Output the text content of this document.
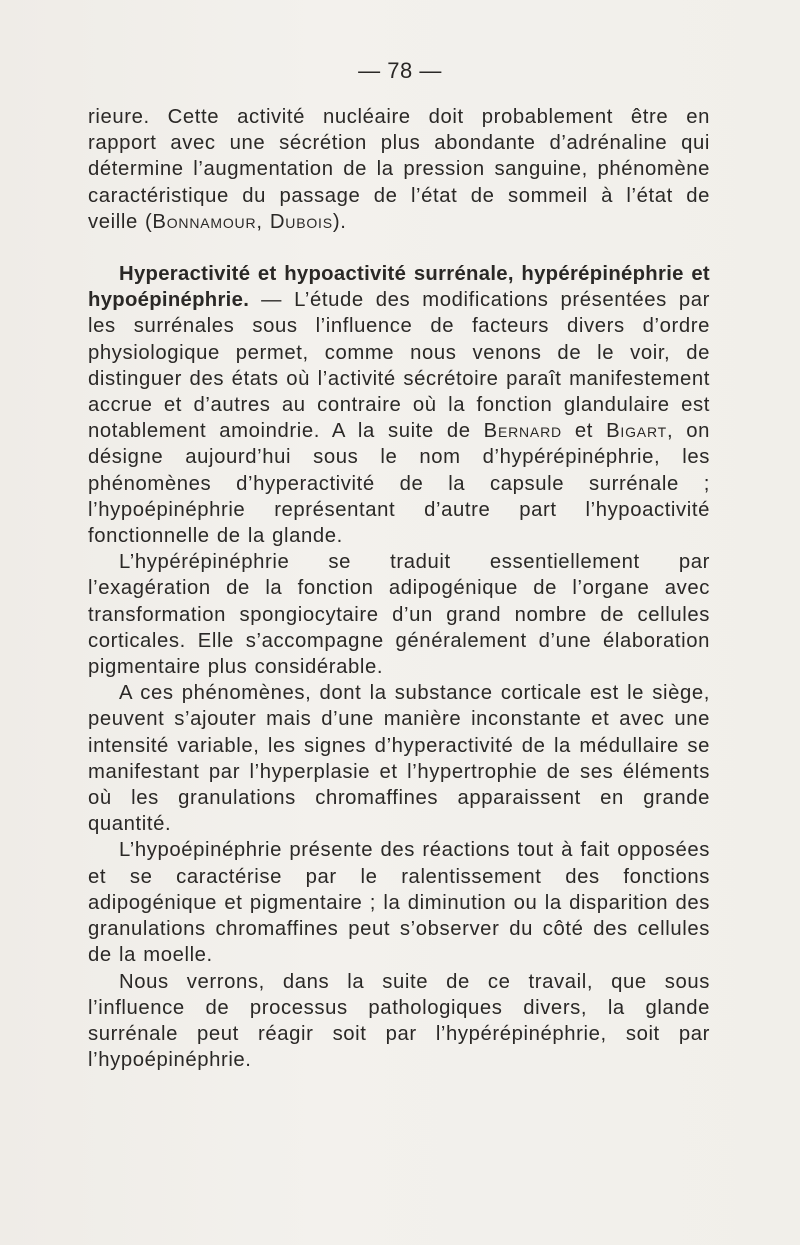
— 78 —

rieure. Cette activité nucléaire doit probablement être en rapport avec une sécrétion plus abondante d’adrénaline qui détermine l’augmentation de la pression sanguine, phénomène caractéristique du passage de l’état de sommeil à l’état de veille (Bonnamour, Dubois).

Hyperactivité et hypoactivité surrénale, hypérépinéphrie et hypoépinéphrie. — L’étude des modifications présentées par les surrénales sous l’influence de facteurs divers d’ordre physiologique permet, comme nous venons de le voir, de distinguer des états où l’activité sécrétoire paraît manifestement accrue et d’autres au contraire où la fonction glandulaire est notablement amoindrie. A la suite de Bernard et Bigart, on désigne aujourd’hui sous le nom d’hypérépinéphrie, les phénomènes d’hyperactivité de la capsule surrénale ; l’hypoépinéphrie représentant d’autre part l’hypoactivité fonctionnelle de la glande.

L’hypérépinéphrie se traduit essentiellement par l’exagération de la fonction adipogénique de l’organe avec transformation spongiocytaire d’un grand nombre de cellules corticales. Elle s’accompagne généralement d’une élaboration pigmentaire plus considérable.

A ces phénomènes, dont la substance corticale est le siège, peuvent s’ajouter mais d’une manière inconstante et avec une intensité variable, les signes d’hyperactivité de la médullaire se manifestant par l’hyperplasie et l’hypertrophie de ses éléments où les granulations chromaffines apparaissent en grande quantité.

L’hypoépinéphrie présente des réactions tout à fait opposées et se caractérise par le ralentissement des fonctions adipogénique et pigmentaire ; la diminution ou la disparition des granulations chromaffines peut s’observer du côté des cellules de la moelle.

Nous verrons, dans la suite de ce travail, que sous l’influence de processus pathologiques divers, la glande surrénale peut réagir soit par l’hypérépinéphrie, soit par l’hypoépinéphrie.
